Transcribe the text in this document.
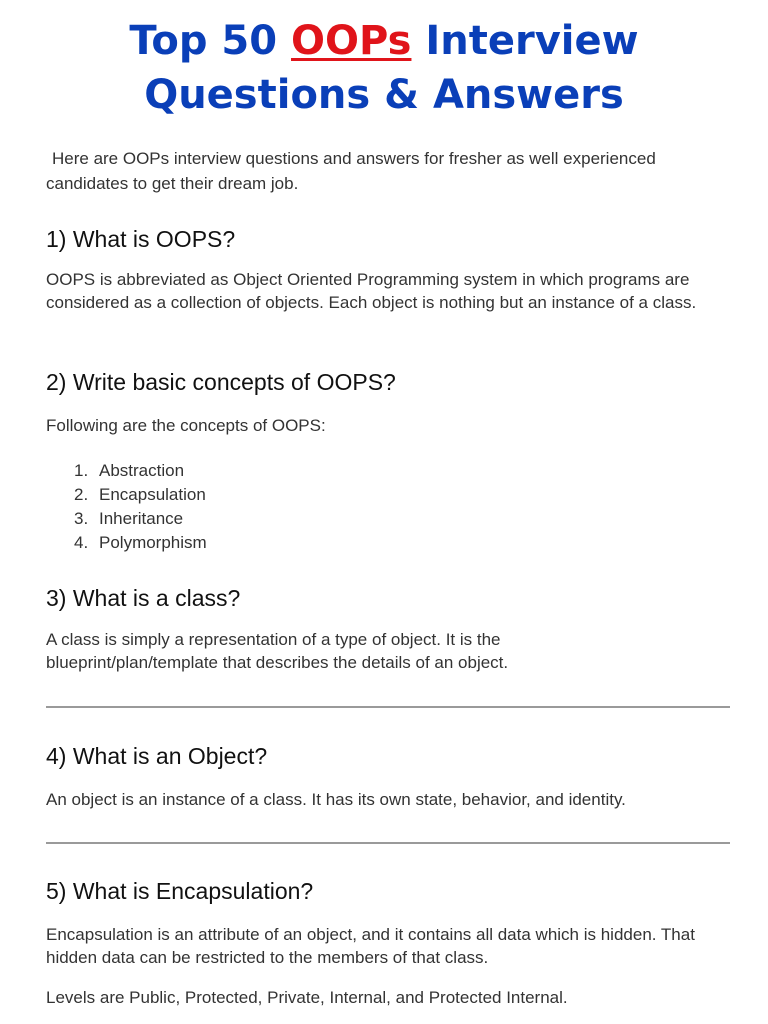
Top 50 OOPs Interview
Questions & Answers
Here are OOPs interview questions and answers for fresher as well experienced candidates to get their dream job.
1) What is OOPS?
OOPS is abbreviated as Object Oriented Programming system in which programs are considered as a collection of objects. Each object is nothing but an instance of a class.
2) Write basic concepts of OOPS?
Following are the concepts of OOPS:
1. Abstraction
2. Encapsulation
3. Inheritance
4. Polymorphism
3) What is a class?
A class is simply a representation of a type of object. It is the blueprint/plan/template that describes the details of an object.
4) What is an Object?
An object is an instance of a class. It has its own state, behavior, and identity.
5) What is Encapsulation?
Encapsulation is an attribute of an object, and it contains all data which is hidden. That hidden data can be restricted to the members of that class.
Levels are Public, Protected, Private, Internal, and Protected Internal.
